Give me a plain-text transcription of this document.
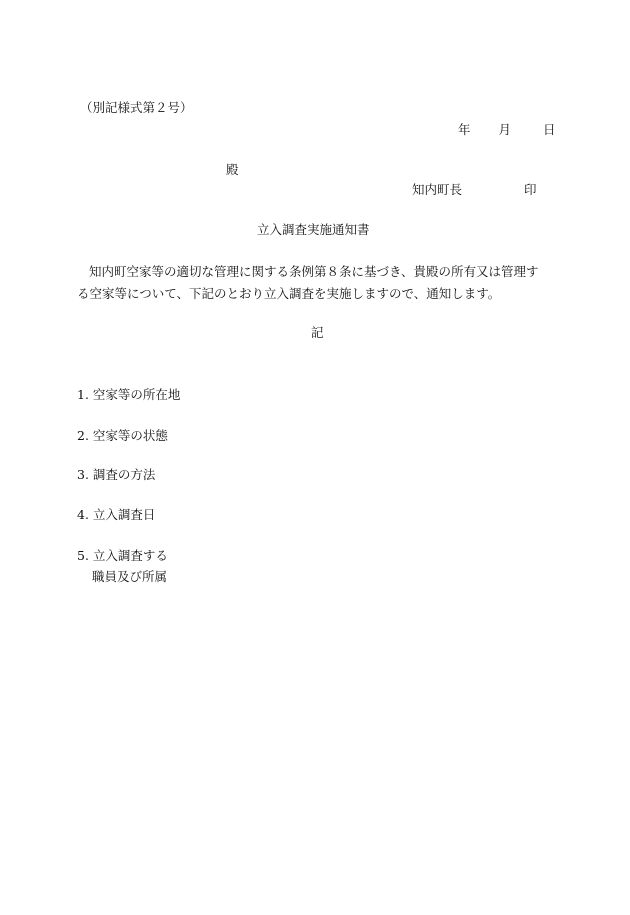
（別記様式第２号）
年 月	日
殿
知内町長	印
立入調査実施通知書
知内町空家等の適切な管理に関する条例第８条に基づき、貴殿の所有又は管理する空家等について、下記のとおり立入調査を実施しますので、通知します。
記
1. 空家等の所在地
2. 空家等の状態
3. 調査の方法
4. 立入調査日
5. 立入調査する
職員及び所属
